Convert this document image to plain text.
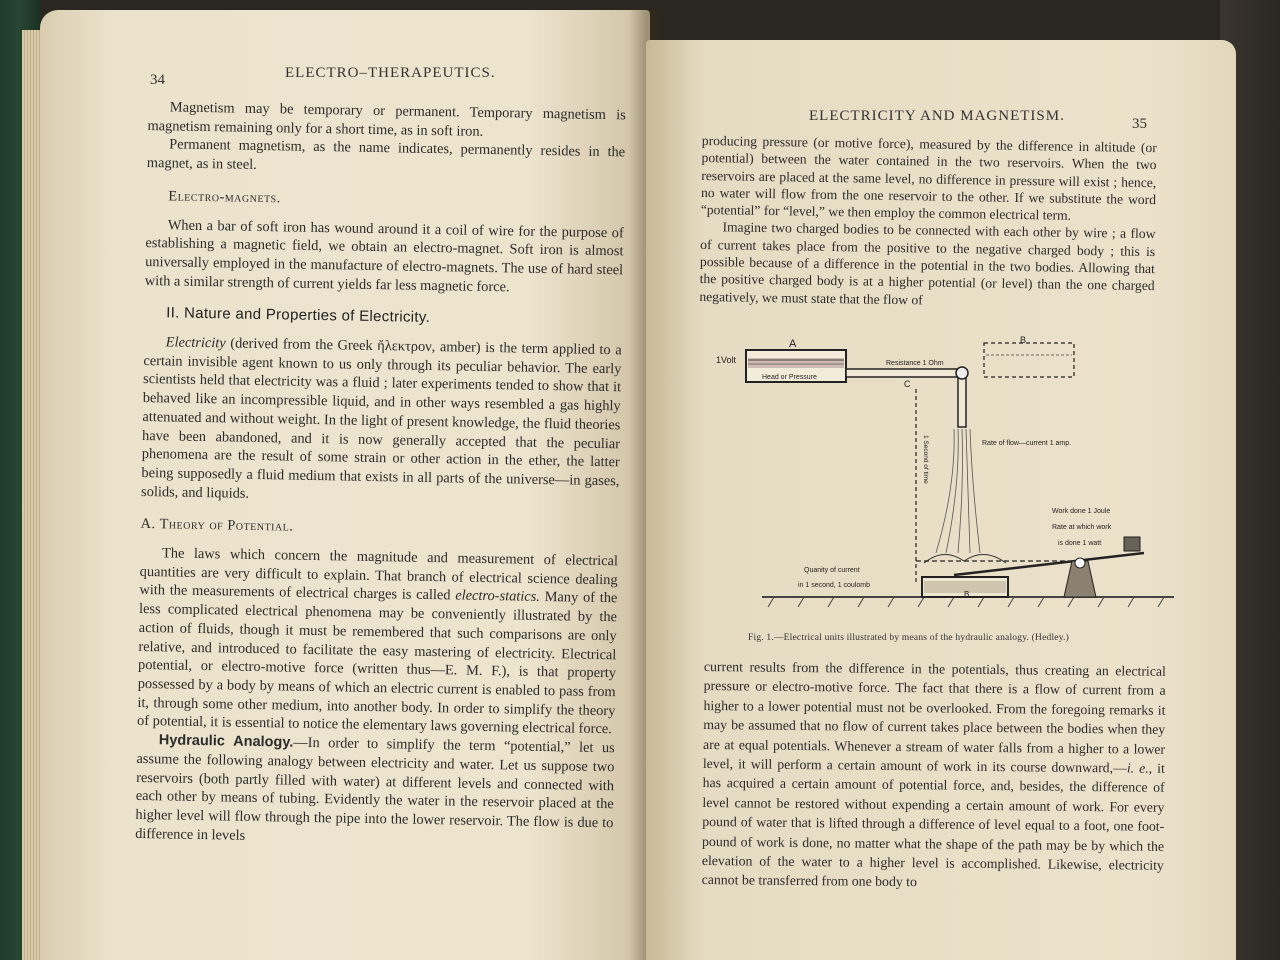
34	ELECTRO–THERAPEUTICS.

Magnetism may be temporary or permanent. Temporary magnetism is magnetism remaining only for a short time, as in soft iron.

Permanent magnetism, as the name indicates, permanently resides in the magnet, as in steel.

Electro-magnets.

When a bar of soft iron has wound around it a coil of wire for the purpose of establishing a magnetic field, we obtain an electro-magnet. Soft iron is almost universally employed in the manufacture of electro-magnets. The use of hard steel with a similar strength of current yields far less magnetic force.

II. Nature and Properties of Electricity.

Electricity (derived from the Greek ἤλεκτρον, amber) is the term applied to a certain invisible agent known to us only through its peculiar behavior. The early scientists held that electricity was a fluid ; later experiments tended to show that it behaved like an incompressible liquid, and in other ways resembled a gas highly attenuated and without weight. In the light of present knowledge, the fluid theories have been abandoned, and it is now generally accepted that the peculiar phenomena are the result of some strain or other action in the ether, the latter being supposedly a fluid medium that exists in all parts of the universe—in gases, solids, and liquids.

A. Theory of Potential.

The laws which concern the magnitude and measurement of electrical quantities are very difficult to explain. That branch of electrical science dealing with the measurements of electrical charges is called electro-statics. Many of the less complicated electrical phenomena may be conveniently illustrated by the action of fluids, though it must be remembered that such comparisons are only relative, and introduced to facilitate the easy mastering of electricity. Electrical potential, or electro-motive force (written thus—E. M. F.), is that property possessed by a body by means of which an electric current is enabled to pass from it, through some other medium, into another body. In order to simplify the theory of potential, it is essential to notice the elementary laws governing electrical force.

Hydraulic Analogy.—In order to simplify the term “potential,” let us assume the following analogy between electricity and water. Let us suppose two reservoirs (both partly filled with water) at different levels and connected with each other by means of tubing. Evidently the water in the reservoir placed at the higher level will flow through the pipe into the lower reservoir. The flow is due to difference in levels

ELECTRICITY AND MAGNETISM.	35

producing pressure (or motive force), measured by the difference in altitude (or potential) between the water contained in the two reservoirs. When the two reservoirs are placed at the same level, no difference in pressure will exist ; hence, no water will flow from the one reservoir to the other. If we substitute the word “potential” for “level,” we then employ the common electrical term.

Imagine two charged bodies to be connected with each other by wire ; a flow of current takes place from the positive to the negative charged body ; this is possible because of a difference in the potential in the two bodies. Allowing that the positive charged body is at a higher potential (or level) than the one charged negatively, we must state that the flow of

A
1Volt
Head or Pressure
Resistance 1 Ohm
C
B
1 Second of time	Rate of flow—current 1 amp.
B
Work done 1 Joule
Rate at which work
is done 1 watt
Quanity of current
in 1 second, 1 coulomb
Fig. 1.—Electrical units illustrated by means of the hydraulic analogy. (Hedley.)

current results from the difference in the potentials, thus creating an electrical pressure or electro-motive force. The fact that there is a flow of current from a higher to a lower potential must not be overlooked. From the foregoing remarks it may be assumed that no flow of current takes place between the bodies when they are at equal potentials. Whenever a stream of water falls from a higher to a lower level, it will perform a certain amount of work in its course downward,—i. e., it has acquired a certain amount of potential force, and, besides, the difference of level cannot be restored without expending a certain amount of work. For every pound of water that is lifted through a difference of level equal to a foot, one foot-pound of work is done, no matter what the shape of the path may be by which the elevation of the water to a higher level is accomplished. Likewise, electricity cannot be transferred from one body to
